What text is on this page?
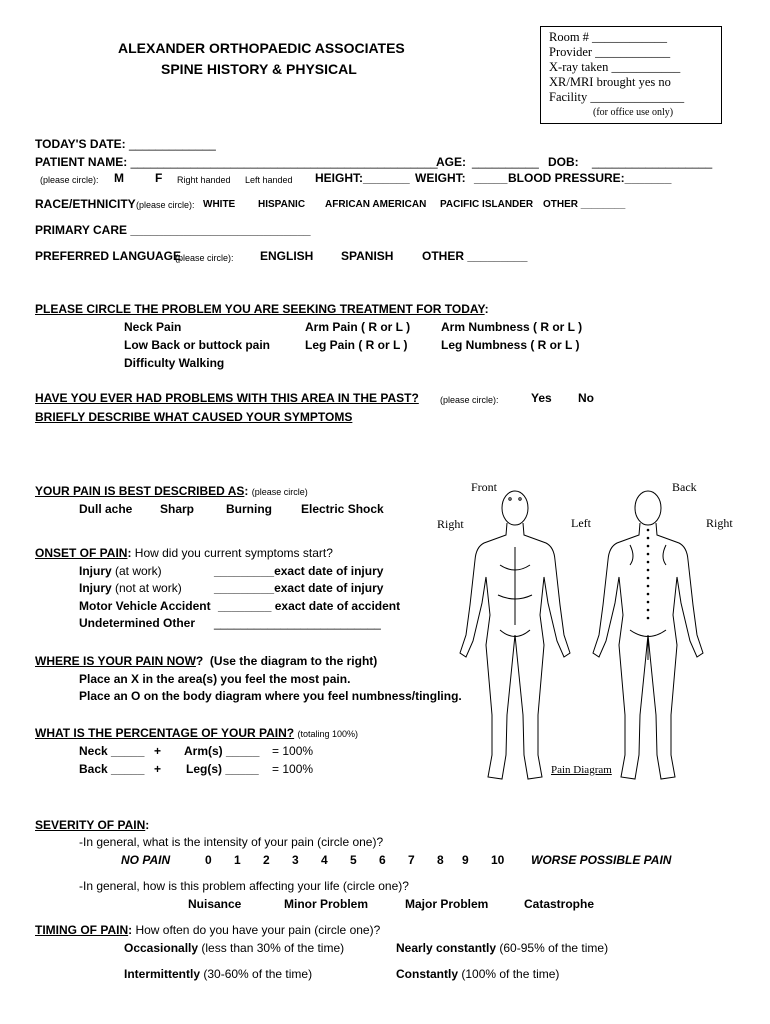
ALEXANDER ORTHOPAEDIC ASSOCIATES
SPINE HISTORY & PHYSICAL
Room # ____________
Provider ____________
X-ray taken ___________
XR/MRI brought yes no
Facility _______________
(for office use only)
TODAY'S DATE: _____________
PATIENT NAME: ______________________________________________
AGE: __________ DOB: __________________
(please circle): M	F Right handed Left handed HEIGHT:_______ WEIGHT: _____ BLOOD PRESSURE:_______
RACE/ETHNICITY (please circle): WHITE HISPANIC AFRICAN AMERICAN PACIFIC ISLANDER OTHER ________
PRIMARY CARE ___________________________
PREFERRED LANGUAGE
(please circle): ENGLISH SPANISH OTHER _________
PLEASE CIRCLE THE PROBLEM YOU ARE SEEKING TREATMENT FOR TODAY:
Neck Pain	Arm Pain ( R or L )	Arm Numbness ( R or L )
Low Back or buttock pain	Leg Pain ( R or L )	Leg Numbness ( R or L )
Difficulty Walking
HAVE YOU EVER HAD PROBLEMS WITH THIS AREA IN THE PAST? (please circle):	Yes No
BRIEFLY DESCRIBE WHAT CAUSED YOUR SYMPTOMS
YOUR PAIN IS BEST DESCRIBED AS: (please circle)
Dull ache Sharp	Burning Electric Shock
ONSET OF PAIN: How did you current symptoms start?
Injury (at work)	_________exact date of injury
Injury (not at work)	_________exact date of injury
Motor Vehicle Accident ________ exact date of accident
Undetermined Other _________________________
WHERE IS YOUR PAIN NOW? (Use the diagram to the right)
Place an X in the area(s) you feel the most pain.
Place an O on the body diagram where you feel numbness/tingling.
WHAT IS THE PERCENTAGE OF YOUR PAIN? (totaling 100%)
Neck _____ + Arm(s) _____ = 100%
Back _____ + Leg(s) _____ = 100%
Front	Back
Right	Left	Right
Pain Diagram
SEVERITY OF PAIN:
-In general, what is the intensity of your pain (circle one)?
NO PAIN	0 1 2 3 4 5 6 7 8 9 10 WORSE POSSIBLE PAIN
-In general, how is this problem affecting your life (circle one)?
Nuisance	Minor Problem	Major Problem	Catastrophe
TIMING OF PAIN: How often do you have your pain (circle one)?
Occasionally (less than 30% of the time)	Nearly constantly (60-95% of the time)
Intermittently (30-60% of the time)	Constantly (100% of the time)
